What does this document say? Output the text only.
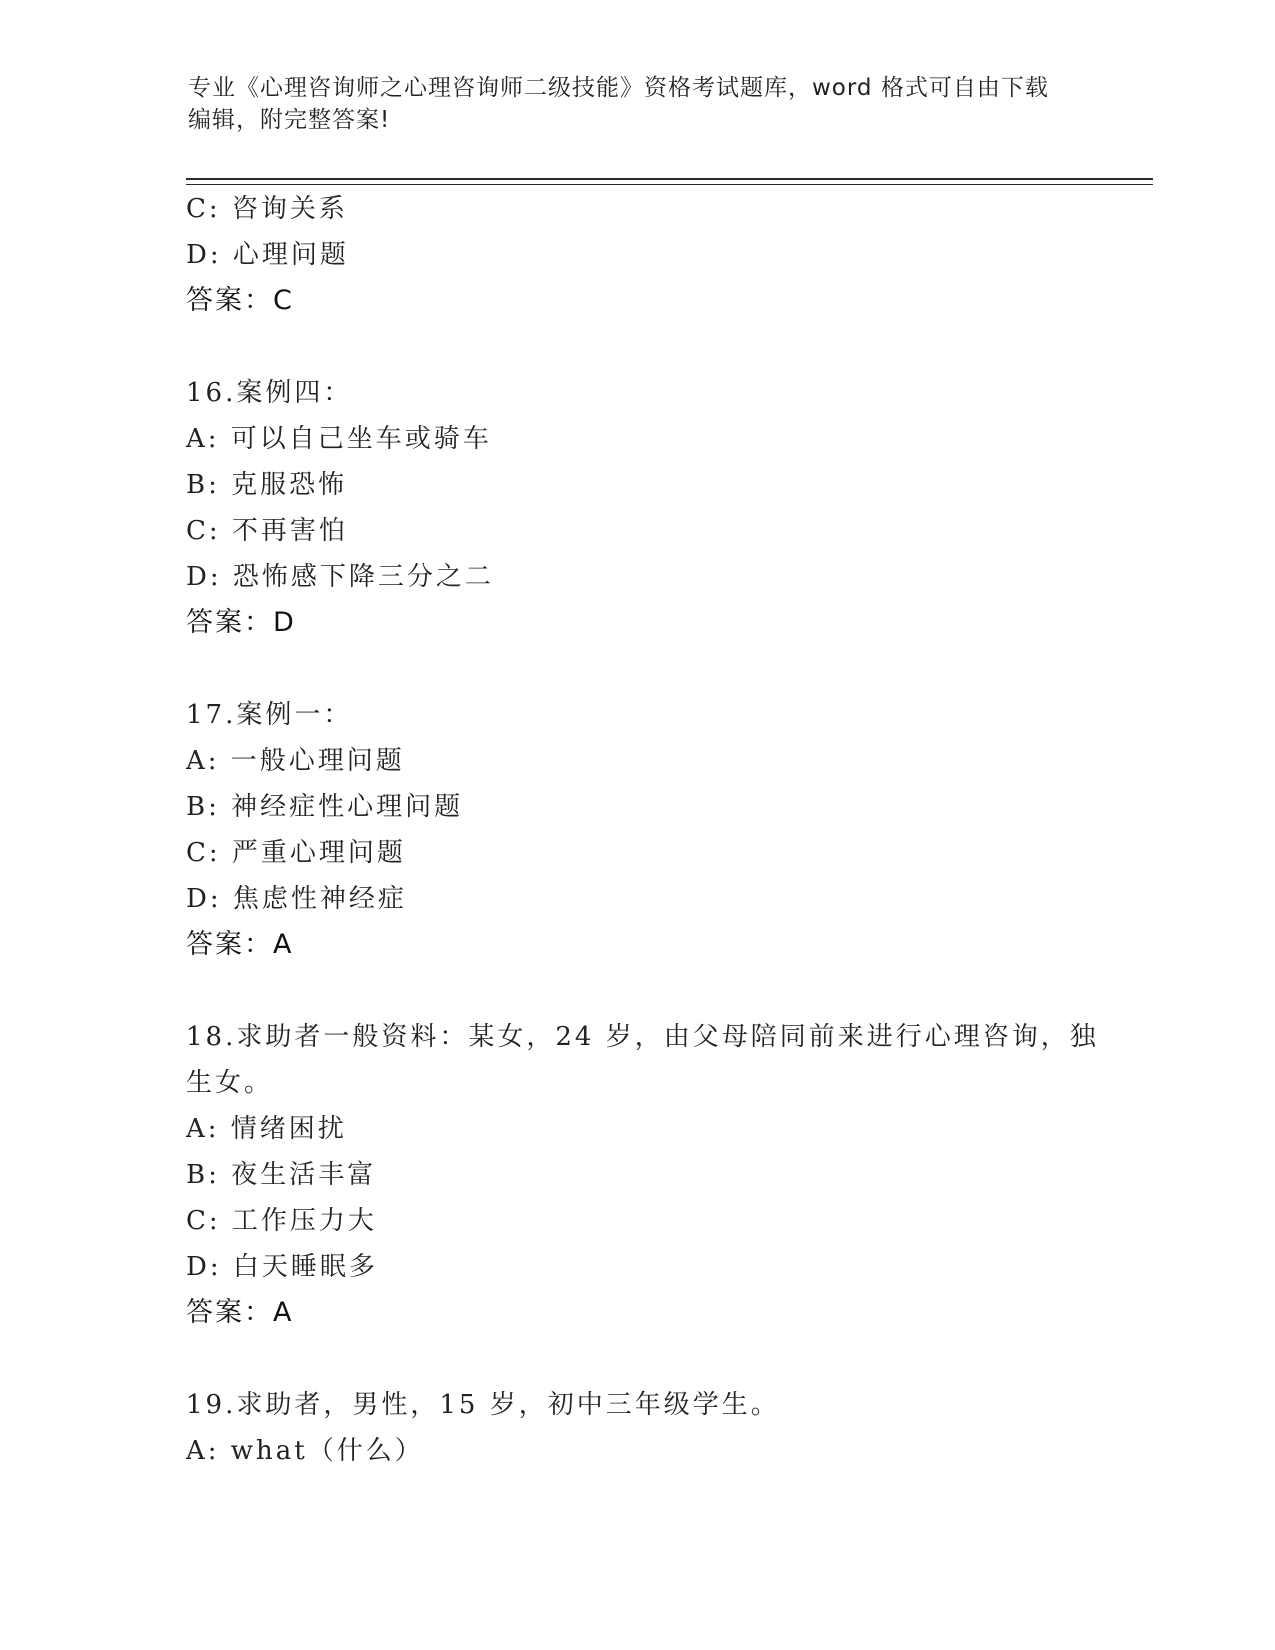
专业《心理咨询师之心理咨询师二级技能》资格考试题库，word 格式可自由下载
编辑，附完整答案!
C: 咨询关系
D: 心理问题
答案：C
16.案例四：
A: 可以自己坐车或骑车
B: 克服恐怖
C: 不再害怕
D: 恐怖感下降三分之二
答案：D
17.案例一：
A: 一般心理问题
B: 神经症性心理问题
C: 严重心理问题
D: 焦虑性神经症
答案：A
18.求助者一般资料：某女，24 岁，由父母陪同前来进行心理咨询，独
生女。
A: 情绪困扰
B: 夜生活丰富
C: 工作压力大
D: 白天睡眠多
答案：A
19.求助者，男性，15 岁，初中三年级学生。
A: what（什么）
